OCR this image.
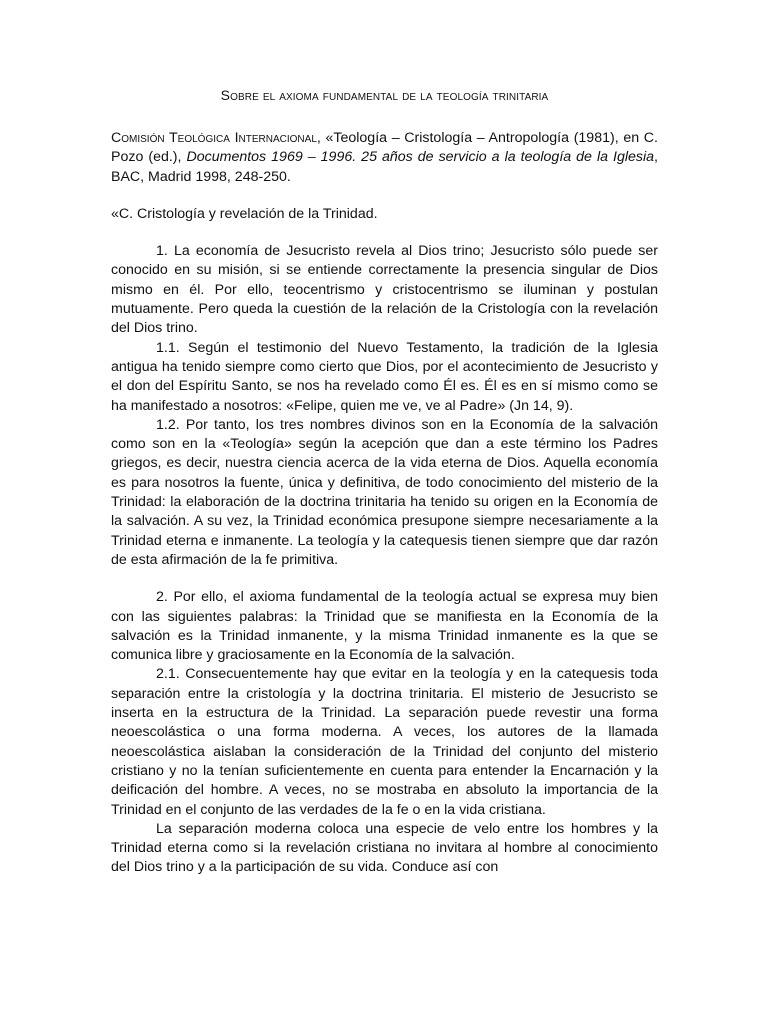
Sobre el axioma fundamental de la teología trinitaria
Comisión Teológica Internacional, «Teología – Cristología – Antropología (1981), en C. Pozo (ed.), Documentos 1969 – 1996. 25 años de servicio a la teología de la Iglesia, BAC, Madrid 1998, 248-250.
«C. Cristología y revelación de la Trinidad.

1. La economía de Jesucristo revela al Dios trino; Jesucristo sólo puede ser conocido en su misión, si se entiende correctamente la presencia singular de Dios mismo en él. Por ello, teocentrismo y cristocentrismo se iluminan y postulan mutuamente. Pero queda la cuestión de la relación de la Cristología con la revelación del Dios trino.

1.1. Según el testimonio del Nuevo Testamento, la tradición de la Iglesia antigua ha tenido siempre como cierto que Dios, por el acontecimiento de Jesucristo y el don del Espíritu Santo, se nos ha revelado como Él es. Él es en sí mismo como se ha manifestado a nosotros: «Felipe, quien me ve, ve al Padre» (Jn 14, 9).

1.2. Por tanto, los tres nombres divinos son en la Economía de la salvación como son en la «Teología» según la acepción que dan a este término los Padres griegos, es decir, nuestra ciencia acerca de la vida eterna de Dios. Aquella economía es para nosotros la fuente, única y definitiva, de todo conocimiento del misterio de la Trinidad: la elaboración de la doctrina trinitaria ha tenido su origen en la Economía de la salvación. A su vez, la Trinidad económica presupone siempre necesariamente a la Trinidad eterna e inmanente. La teología y la catequesis tienen siempre que dar razón de esta afirmación de la fe primitiva.

2. Por ello, el axioma fundamental de la teología actual se expresa muy bien con las siguientes palabras: la Trinidad que se manifiesta en la Economía de la salvación es la Trinidad inmanente, y la misma Trinidad inmanente es la que se comunica libre y graciosamente en la Economía de la salvación.

2.1. Consecuentemente hay que evitar en la teología y en la catequesis toda separación entre la cristología y la doctrina trinitaria. El misterio de Jesucristo se inserta en la estructura de la Trinidad. La separación puede revestir una forma neoescolástica o una forma moderna. A veces, los autores de la llamada neoescolástica aislaban la consideración de la Trinidad del conjunto del misterio cristiano y no la tenían suficientemente en cuenta para entender la Encarnación y la deificación del hombre. A veces, no se mostraba en absoluto la importancia de la Trinidad en el conjunto de las verdades de la fe o en la vida cristiana.

La separación moderna coloca una especie de velo entre los hombres y la Trinidad eterna como si la revelación cristiana no invitara al hombre al conocimiento del Dios trino y a la participación de su vida. Conduce así con
